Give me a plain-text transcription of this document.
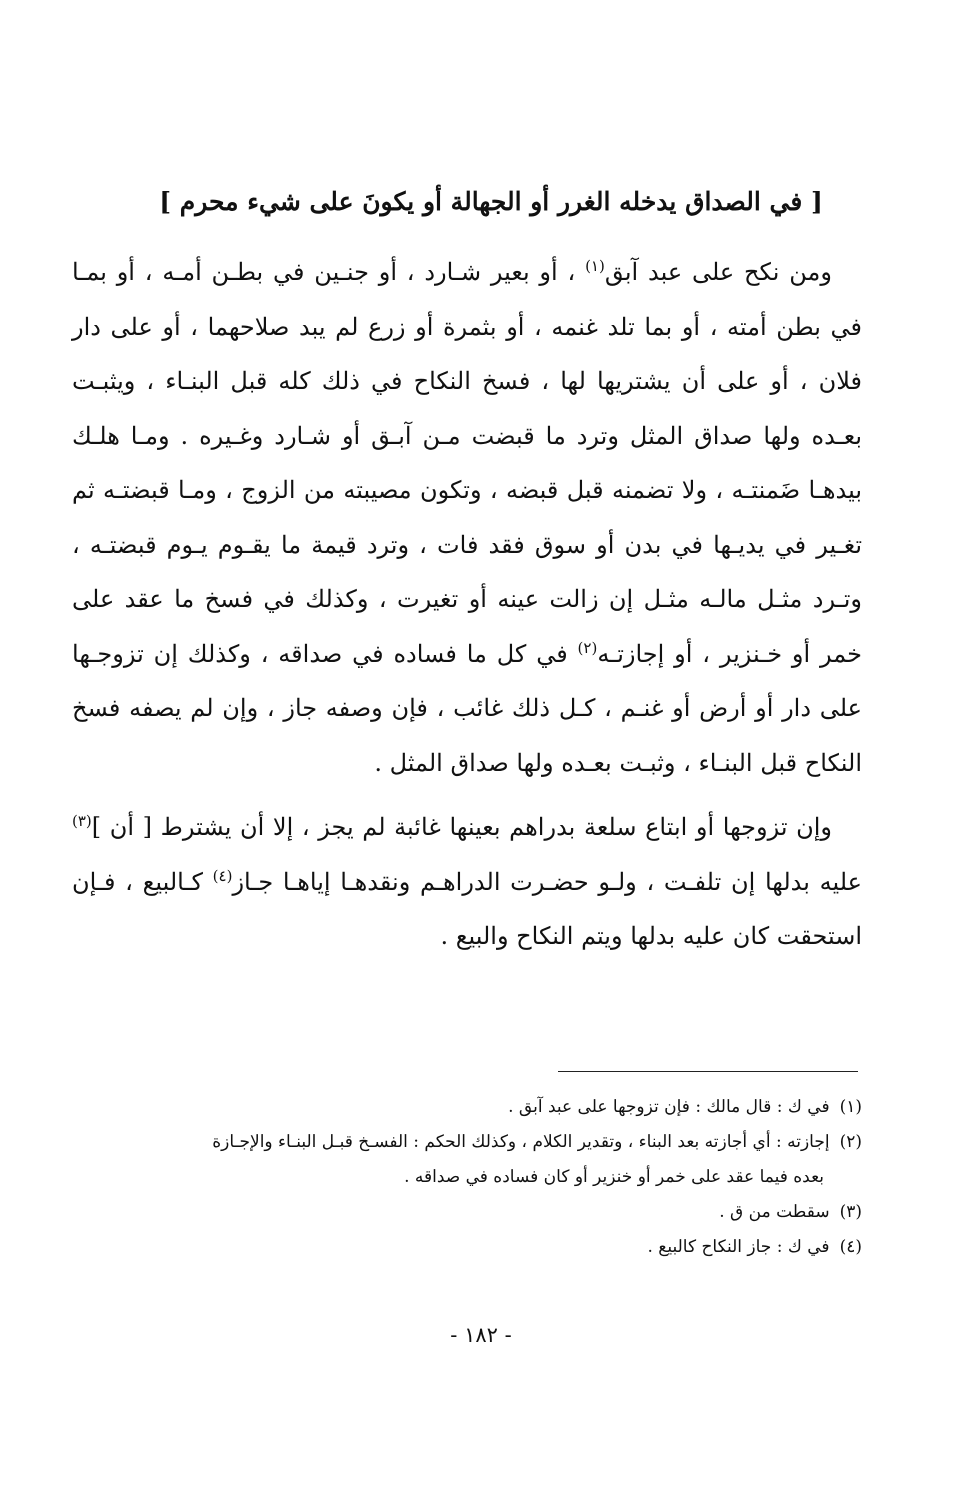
[ في الصداق يدخله الغرر أو الجهالة أو يكونَ على شيء محرم ]

ومن نكح على عبد آبق$^{(١)}$ ، أو بعير شـارد ، أو جنـين في بطـن أمـه ، أو بمـا في بطن أمته ، أو بما تلد غنمه ، أو بثمرة أو زرع لم يبد صلاحهما ، أو على دار فلان ، أو على أن يشتريها لها ، فسخ النكاح في ذلك كله قبل البنـاء ، ويثبـت بعـده ولها صداق المثل وترد ما قبضت مـن آبـق أو شـارد وغـيره . ومـا هلـك بيدهـا ضَمنتـه ، ولا تضمنه قبل قبضه ، وتكون مصيبته من الزوج ، ومـا قبضتـه ثم تغـير في يديـها في بدن أو سوق فقد فات ، وترد قيمة ما يقـوم يـوم قبضتـه ، وتـرد مثـل مالـه مثـل إن زالت عينه أو تغيرت ، وكذلك في فسخ ما عقد على خمر أو خـنزير ، أو إجازتـه$^{(٢)}$ في كل ما فساده في صداقه ، وكذلك إن تزوجـها على دار أو أرض أو غنـم ، كـل ذلك غائب ، فإن وصفه جاز ، وإن لم يصفه فسخ النكاح قبل البنـاء ، وثبـت بعـده ولها صداق المثل .

وإن تزوجها أو ابتاع سلعة بدراهم بعينها غائبة لم يجز ، إلا أن يشترط [ أن ]$^{(٣)}$ عليه بدلها إن تلفـت ، ولـو حضـرت الدراهـم ونقدهـا إياهـا جـاز$^{(٤)}$ كـالبيع ، فـإن استحقت كان عليه بدلها ويتم النكاح والبيع .

(١)في ك : قال مالك : فإن تزوجها على عبد آبق .

(٢)إجازته : أي أجازته بعد البناء ، وتقدير الكلام ، وكذلك الحكم : الفسـخ قبـل البنـاء والإجـازة

بعده فيما عقد على خمر أو خنزير أو كان فساده في صداقه .

(٣)سقطت من ق .

(٤)في ك : جاز النكاح كالبيع .

- ١٨٢ -
